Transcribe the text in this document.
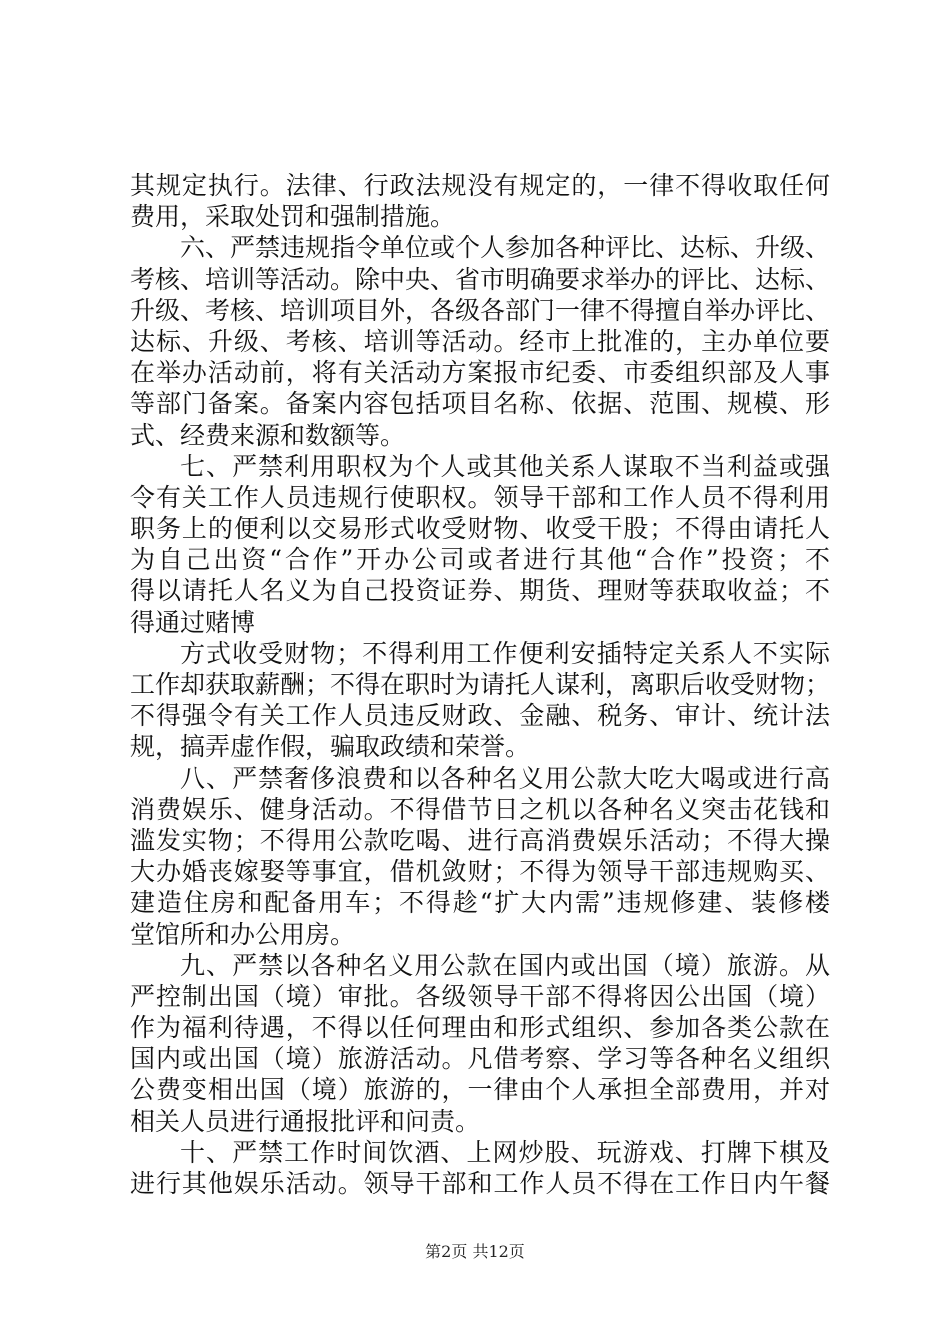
其规定执行。法律、行政法规没有规定的，一律不得收取任何
费用，采取处罚和强制措施。
六、严禁违规指令单位或个人参加各种评比、达标、升级、
考核、培训等活动。除中央、省市明确要求举办的评比、达标、
升级、考核、培训项目外，各级各部门一律不得擅自举办评比、
达标、升级、考核、培训等活动。经市上批准的，主办单位要
在举办活动前，将有关活动方案报市纪委、市委组织部及人事
等部门备案。备案内容包括项目名称、依据、范围、规模、形
式、经费来源和数额等。
七、严禁利用职权为个人或其他关系人谋取不当利益或强
令有关工作人员违规行使职权。领导干部和工作人员不得利用
职务上的便利以交易形式收受财物、收受干股；不得由请托人
为自己出资“合作”开办公司或者进行其他“合作”投资；不
得以请托人名义为自己投资证券、期货、理财等获取收益；不
得通过赌博
方式收受财物；不得利用工作便利安插特定关系人不实际
工作却获取薪酬；不得在职时为请托人谋利，离职后收受财物；
不得强令有关工作人员违反财政、金融、税务、审计、统计法
规，搞弄虚作假，骗取政绩和荣誉。
八、严禁奢侈浪费和以各种名义用公款大吃大喝或进行高
消费娱乐、健身活动。不得借节日之机以各种名义突击花钱和
滥发实物；不得用公款吃喝、进行高消费娱乐活动；不得大操
大办婚丧嫁娶等事宜，借机敛财；不得为领导干部违规购买、
建造住房和配备用车；不得趁“扩大内需”违规修建、装修楼
堂馆所和办公用房。
九、严禁以各种名义用公款在国内或出国（境）旅游。从
严控制出国（境）审批。各级领导干部不得将因公出国（境）
作为福利待遇，不得以任何理由和形式组织、参加各类公款在
国内或出国（境）旅游活动。凡借考察、学习等各种名义组织
公费变相出国（境）旅游的，一律由个人承担全部费用，并对
相关人员进行通报批评和问责。
十、严禁工作时间饮酒、上网炒股、玩游戏、打牌下棋及
进行其他娱乐活动。领导干部和工作人员不得在工作日内午餐
第2页 共12页
